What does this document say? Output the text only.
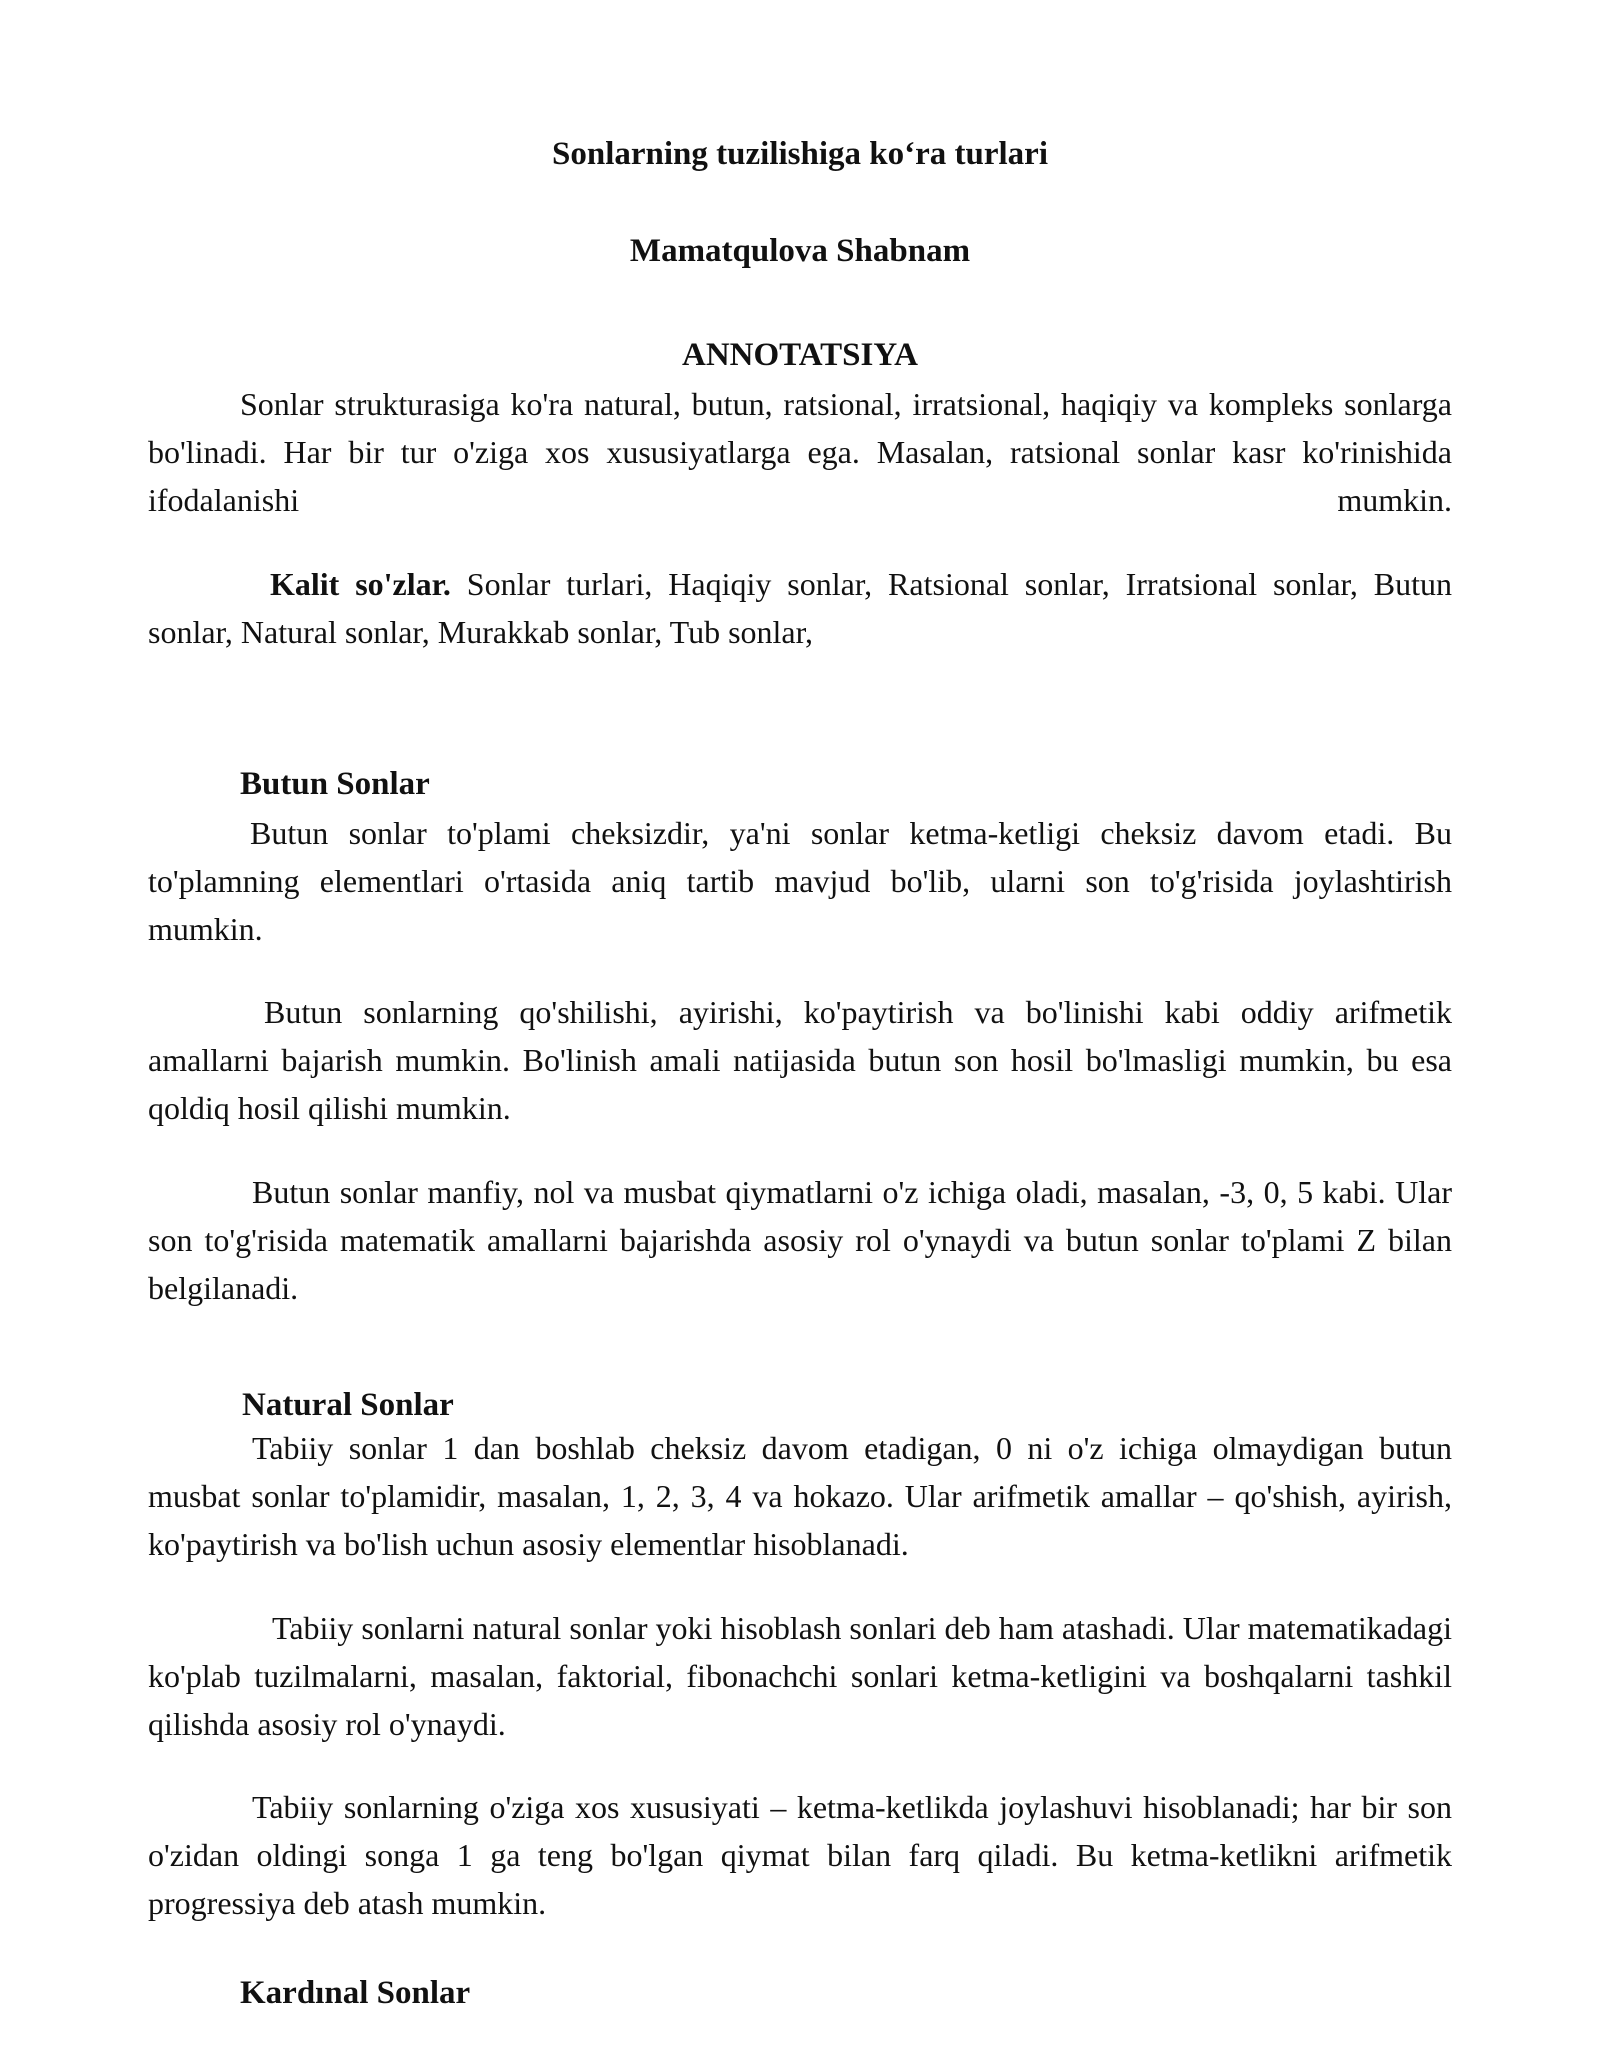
Sonlarning tuzilishiga ko‘ra turlari
Mamatqulova Shabnam
ANNOTATSIYA

Sonlar strukturasiga ko'ra natural, butun, ratsional, irratsional, haqiqiy va kompleks sonlarga bo'linadi. Har bir tur o'ziga xos xususiyatlarga ega. Masalan, ratsional sonlar kasr ko'rinishida ifodalanishi mumkin.

Kalit so'zlar. Sonlar turlari, Haqiqiy sonlar, Ratsional sonlar, Irratsional sonlar, Butun sonlar, Natural sonlar, Murakkab sonlar, Tub sonlar,

Butun Sonlar

Butun sonlar to'plami cheksizdir, ya'ni sonlar ketma-ketligi cheksiz davom etadi. Bu to'plamning elementlari o'rtasida aniq tartib mavjud bo'lib, ularni son to'g'risida joylashtirish mumkin.

Butun sonlarning qo'shilishi, ayirishi, ko'paytirish va bo'linishi kabi oddiy arifmetik amallarni bajarish mumkin. Bo'linish amali natijasida butun son hosil bo'lmasligi mumkin, bu esa qoldiq hosil qilishi mumkin.

Butun sonlar manfiy, nol va musbat qiymatlarni o'z ichiga oladi, masalan, -3, 0, 5 kabi. Ular son to'g'risida matematik amallarni bajarishda asosiy rol o'ynaydi va butun sonlar to'plami Z bilan belgilanadi.

Natural Sonlar

Tabiiy sonlar 1 dan boshlab cheksiz davom etadigan, 0 ni o'z ichiga olmaydigan butun musbat sonlar to'plamidir, masalan, 1, 2, 3, 4 va hokazo. Ular arifmetik amallar – qo'shish, ayirish, ko'paytirish va bo'lish uchun asosiy elementlar hisoblanadi.

Tabiiy sonlarni natural sonlar yoki hisoblash sonlari deb ham atashadi. Ular matematikadagi ko'plab tuzilmalarni, masalan, faktorial, fibonachchi sonlari ketma-ketligini va boshqalarni tashkil qilishda asosiy rol o'ynaydi.

Tabiiy sonlarning o'ziga xos xususiyati – ketma-ketlikda joylashuvi hisoblanadi; har bir son o'zidan oldingi songa 1 ga teng bo'lgan qiymat bilan farq qiladi. Bu ketma-ketlikni arifmetik progressiya deb atash mumkin.

Kardınal Sonlar
